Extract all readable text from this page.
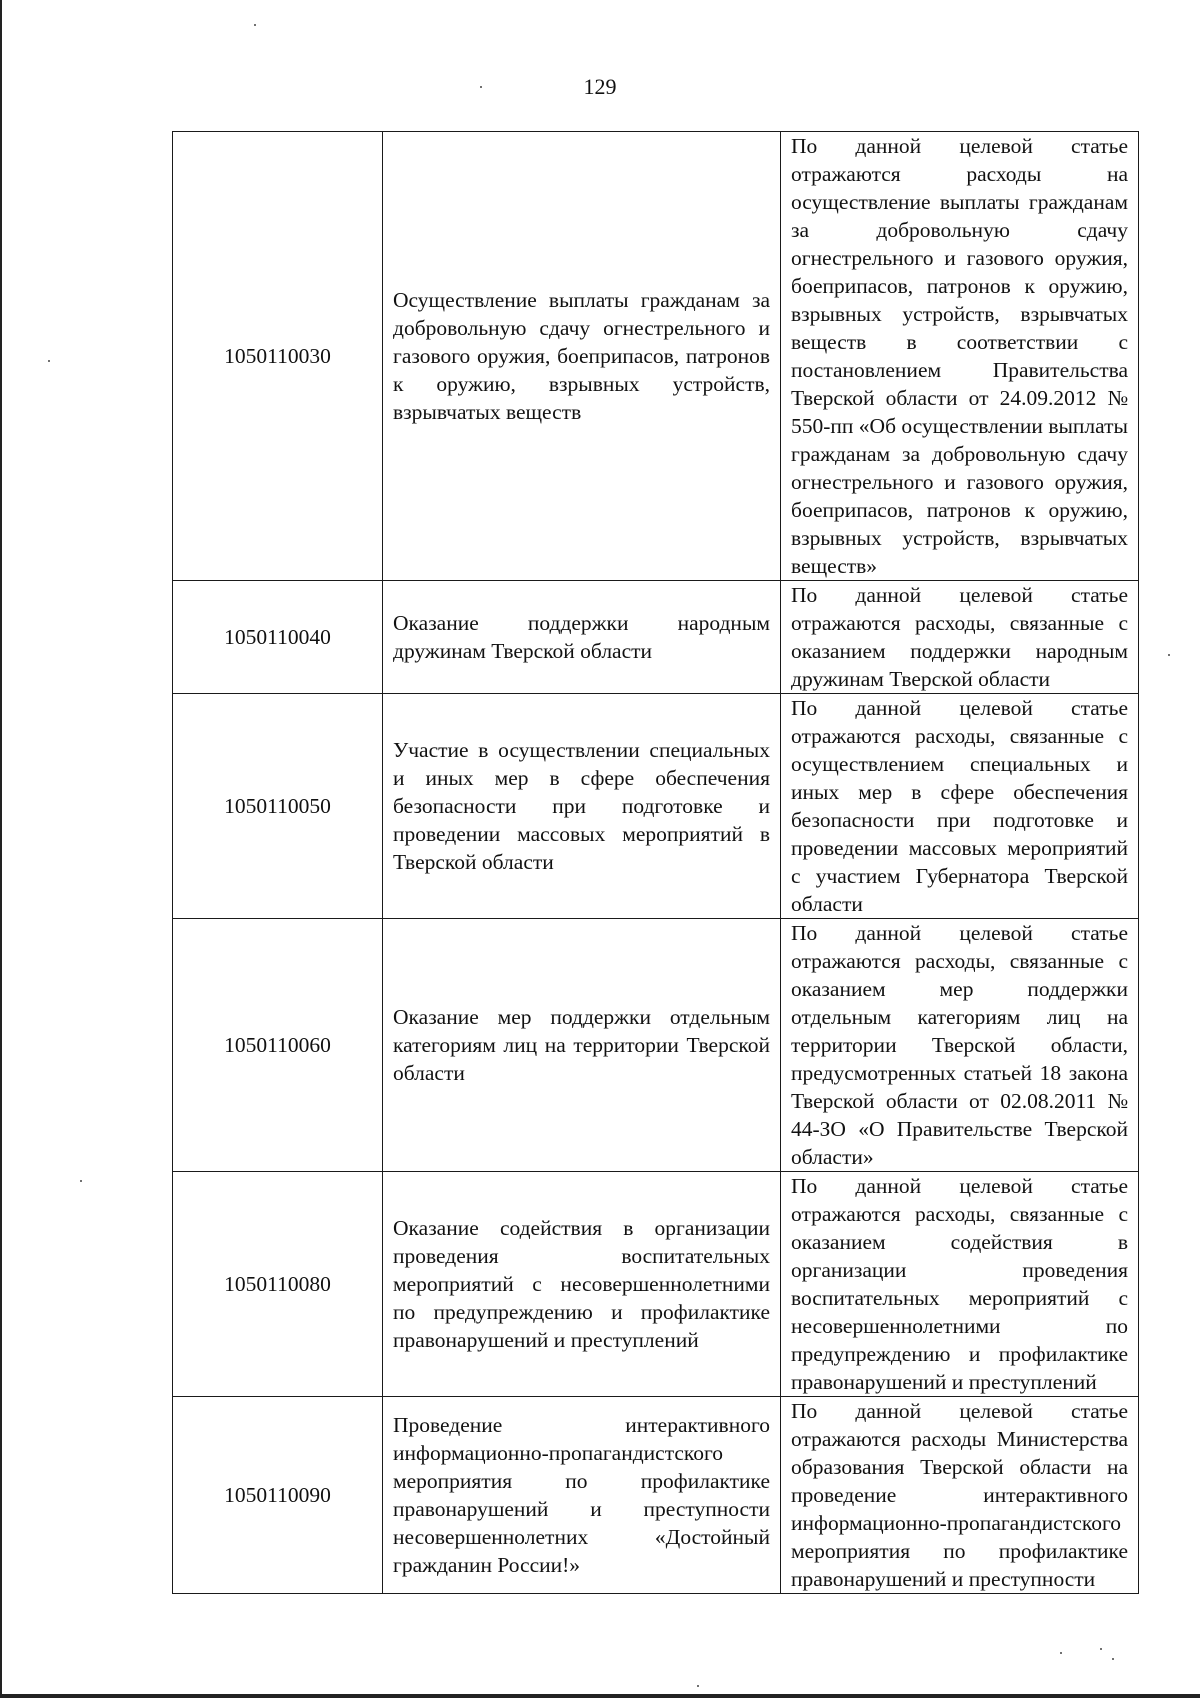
129
1050110030	Осуществление выплаты гражданам за добровольную сдачу огнестрельного и газового оружия, боеприпасов, патронов к оружию, взрывных устройств, взрывчатых веществ	По данной целевой статье отражаются расходы на осуществление выплаты гражданам за добровольную сдачу огнестрельного и газового оружия, боеприпасов, патронов к оружию, взрывных устройств, взрывчатых веществ в соответствии с постановлением Правительства Тверской области от 24.09.2012 № 550-пп «Об осуществлении выплаты гражданам за добровольную сдачу огнестрельного и газового оружия, боеприпасов, патронов к оружию, взрывных устройств, взрывчатых веществ»
1050110040	Оказание поддержки народным дружинам Тверской области	По данной целевой статье отражаются расходы, связанные с оказанием поддержки народным дружинам Тверской области
1050110050	Участие в осуществлении специальных и иных мер в сфере обеспечения безопасности при подготовке и проведении массовых мероприятий в Тверской области	По данной целевой статье отражаются расходы, связанные с осуществлением специальных и иных мер в сфере обеспечения безопасности при подготовке и проведении массовых мероприятий с участием Губернатора Тверской области
1050110060	Оказание мер поддержки отдельным категориям лиц на территории Тверской области	По данной целевой статье отражаются расходы, связанные с оказанием мер поддержки отдельным категориям лиц на территории Тверской области, предусмотренных статьей 18 закона Тверской области от 02.08.2011 № 44-ЗО «О Правительстве Тверской области»
1050110080	Оказание содействия в организации проведения воспитательных мероприятий с несовершеннолетними по предупреждению и профилактике правонарушений и преступлений	По данной целевой статье отражаются расходы, связанные с оказанием содействия в организации проведения воспитательных мероприятий с несовершеннолетними по предупреждению и профилактике правонарушений и преступлений
1050110090	Проведение интерактивного информационно-пропагандистского мероприятия по профилактике правонарушений и преступности несовершеннолетних «Достойный гражданин России!»	По данной целевой статье отражаются расходы Министерства образования Тверской области на проведение интерактивного информационно-пропагандистского мероприятия по профилактике правонарушений и преступности
